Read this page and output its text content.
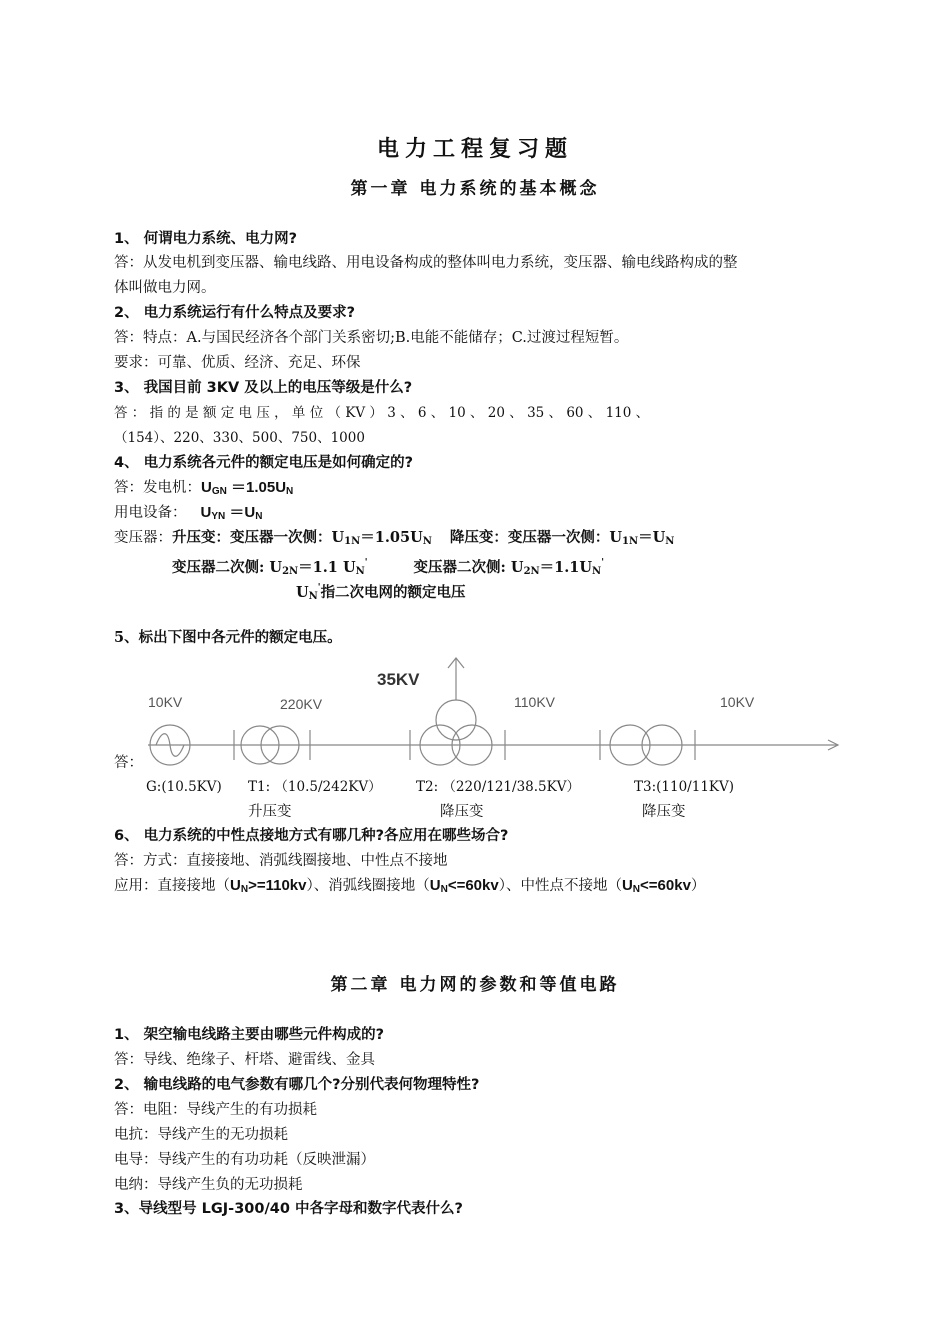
电力工程复习题
第一章 电力系统的基本概念
1、 何谓电力系统、电力网?
答：从发电机到变压器、输电线路、用电设备构成的整体叫电力系统，变压器、输电线路构成的整
体叫做电力网。
2、 电力系统运行有什么特点及要求?
答：特点：A.与国民经济各个部门关系密切;B.电能不能储存；C.过渡过程短暂。
要求：可靠、优质、经济、充足、环保
3、 我国目前 3KV 及以上的电压等级是什么?
答 ： 指 的 是 额 定 电 压 ， 单 位 （ KV ） 3 、 6 、 10 、 20 、 35 、 60 、 110 、
（154）、220、330、500、750、1000
4、 电力系统各元件的额定电压是如何确定的?
答：发电机：UGN ＝1.05UN
用电设备： UYN ＝UN
变压器：升压变：变压器一次侧：U1N＝1.05UN 降压变：变压器一次侧：U1N＝UN
变压器二次侧: U2N＝1.1 UN'	变压器二次侧: U2N＝1.1UN'
UN'指二次电网的额定电压
5、标出下图中各元件的额定电压。
答：
10KV	220KV
35KV
110KV	10KV
G:(10.5KV) T1: （10.5/242KV）	T2: （220/121/38.5KV）	T3:(110/11KV)
升压变	降压变	降压变
6、 电力系统的中性点接地方式有哪几种?各应用在哪些场合?
答：方式：直接接地、消弧线圈接地、中性点不接地
应用：直接接地（UN>=110kv）、消弧线圈接地（UN<=60kv）、中性点不接地（UN<=60kv）
第二章 电力网的参数和等值电路
1、 架空输电线路主要由哪些元件构成的?
答：导线、绝缘子、杆塔、避雷线、金具
2、 输电线路的电气参数有哪几个?分别代表何物理特性?
答：电阻：导线产生的有功损耗
电抗：导线产生的无功损耗
电导：导线产生的有功功耗（反映泄漏）
电纳：导线产生负的无功损耗
3、导线型号 LGJ-300/40 中各字母和数字代表什么?
